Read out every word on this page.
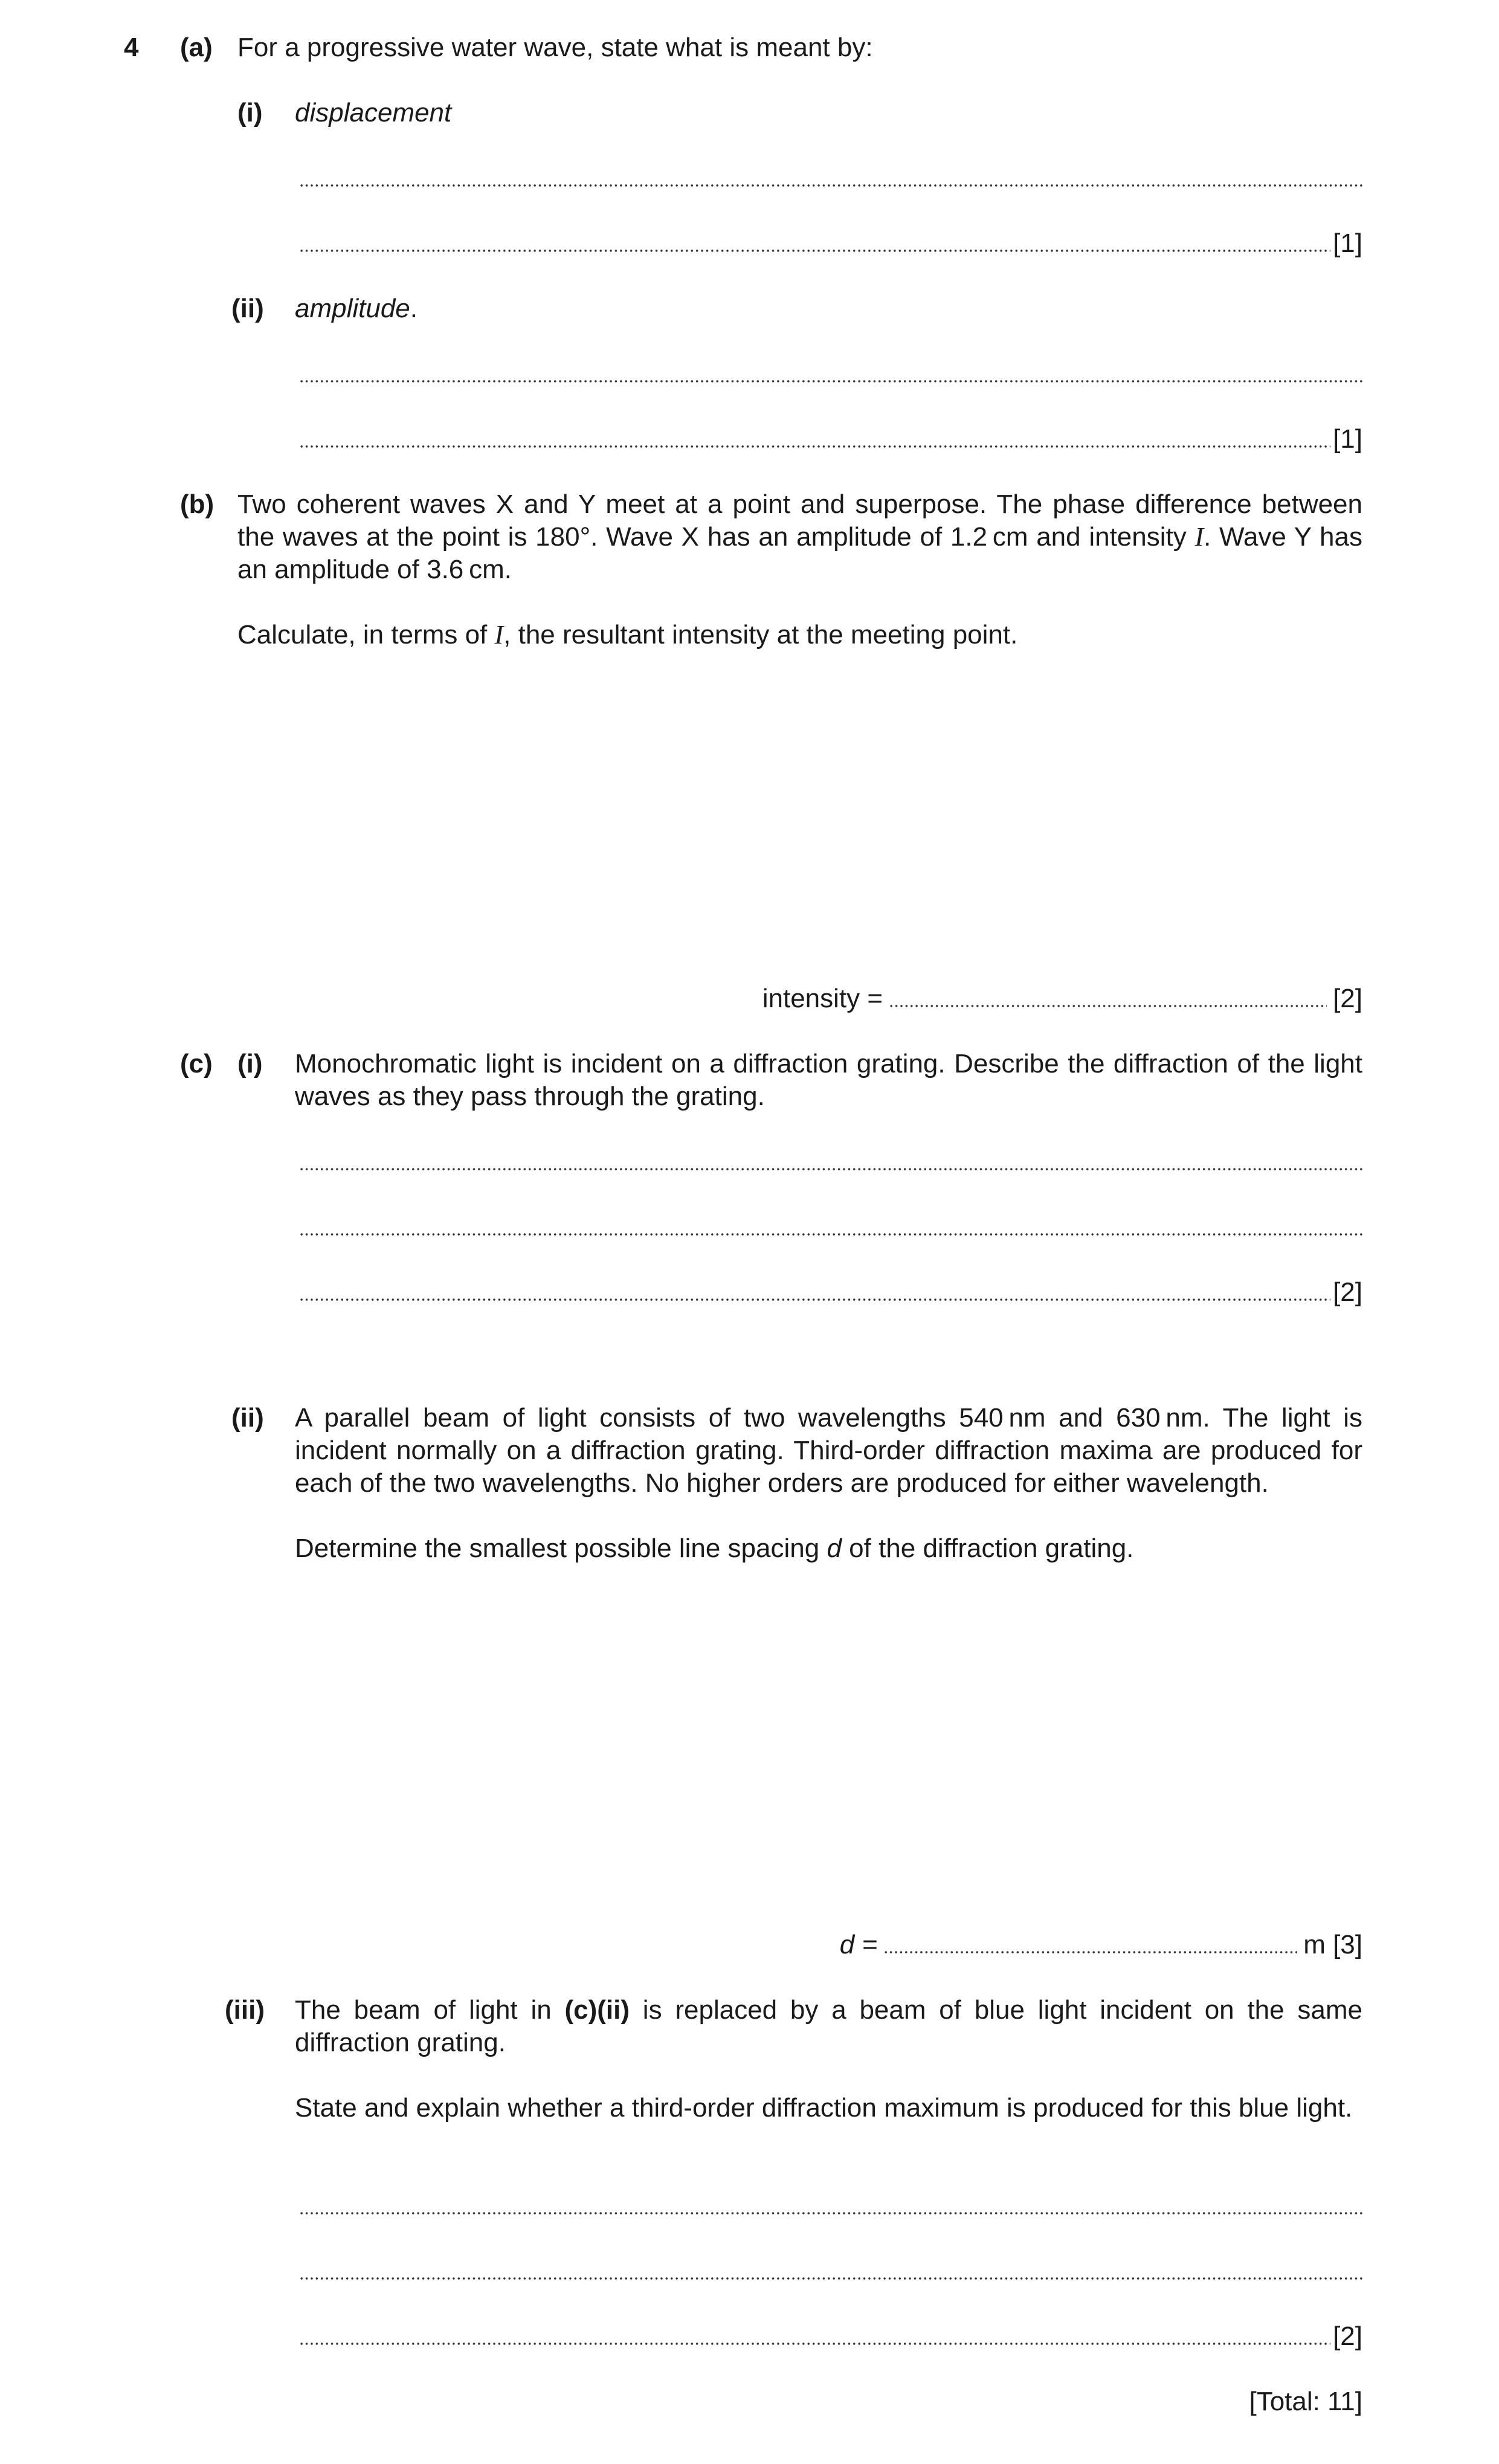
4 (a) For a progressive water wave, state what is meant by:
(i) displacement
[1]
(ii) amplitude.
[1]
(b) Two coherent waves X and Y meet at a point and superpose. The phase difference between the waves at the point is 180°. Wave X has an amplitude of 1.2 cm and intensity I. Wave Y has an amplitude of 3.6 cm.
Calculate, in terms of I, the resultant intensity at the meeting point.
intensity =	[2]
(c) (i) Monochromatic light is incident on a diffraction grating. Describe the diffraction of the light waves as they pass through the grating.
[2]
(ii) A parallel beam of light consists of two wavelengths 540 nm and 630 nm. The light is incident normally on a diffraction grating. Third-order diffraction maxima are produced for each of the two wavelengths. No higher orders are produced for either wavelength.
Determine the smallest possible line spacing d of the diffraction grating.
d =	m
[3]
(iii) The beam of light in (c)(ii) is replaced by a beam of blue light incident on the same diffraction grating.
State and explain whether a third-order diffraction maximum is produced for this blue light.
[2]
[Total: 11]
